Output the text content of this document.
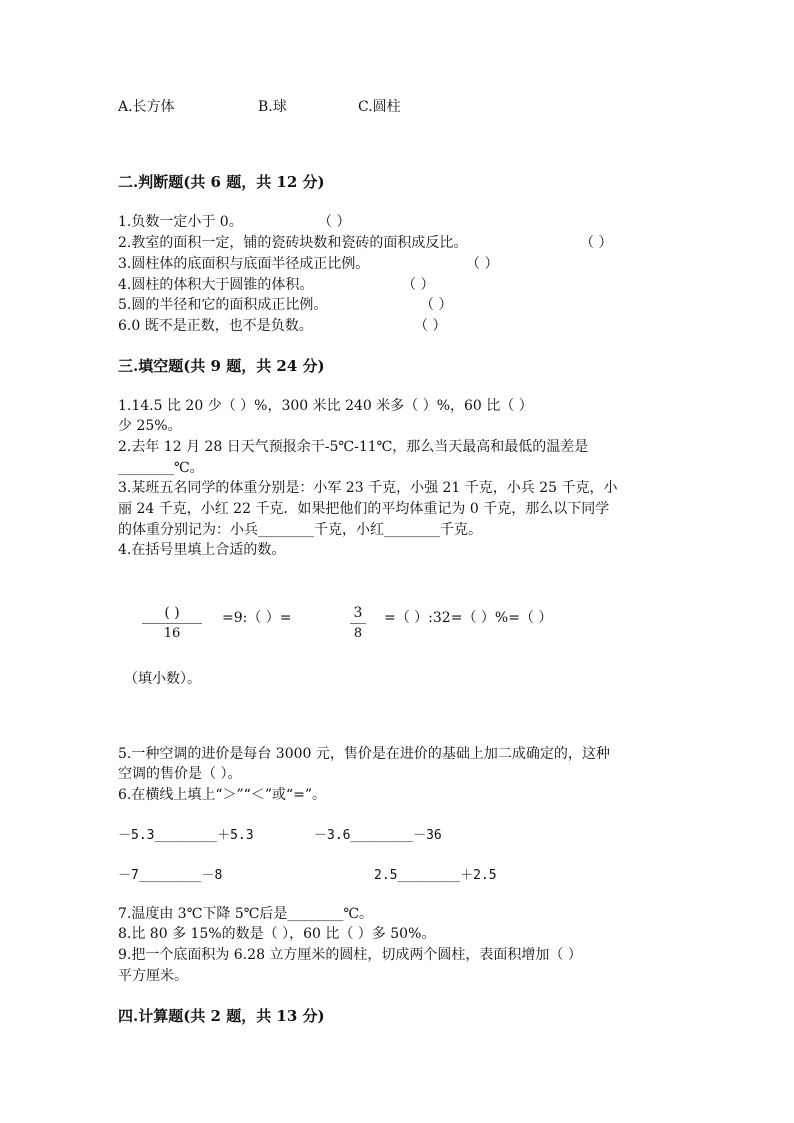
A.长方体	B.球	C.圆柱
二.判断题(共 6 题，共 12 分)
1.负数一定小于 0。	（ ）
2.教室的面积一定，铺的瓷砖块数和瓷砖的面积成反比。	（ ）
3.圆柱体的底面积与底面半径成正比例。	（ ）
4.圆柱的体积大于圆锥的体积。	（ ）
5.圆的半径和它的面积成正比例。	（ ）
6.0 既不是正数，也不是负数。	（ ）
三.填空题(共 9 题，共 24 分)
1.14.5 比 20 少（ ）%，300 米比 240 米多（ ）%，60 比（ ）
少 25%。
2.去年 12 月 28 日天气预报余干-5℃-11℃，那么当天最高和最低的温差是
________℃。
3.某班五名同学的体重分别是：小军 23 千克，小强 21 千克，小兵 25 千克，小
丽 24 千克，小红 22 千克．如果把他们的平均体重记为 0 千克，那么以下同学
的体重分别记为：小兵________千克，小红________千克。
4.在括号里填上合适的数。
( )
16
=9:（ ）=	3
8
=（ ）:32=（ ）%=（ ）
（填小数）。
5.一种空调的进价是每台 3000 元，售价是在进价的基础上加二成确定的，这种
空调的售价是（ ）。
6.在横线上填上“＞”“＜”或“=”。
－5.3________＋5.3	－3.6________－36
－7________－8	2.5________＋2.5
7.温度由 3℃下降 5℃后是________℃。
8.比 80 多 15%的数是（ ），60 比（ ）多 50%。
9.把一个底面积为 6.28 立方厘米的圆柱，切成两个圆柱，表面积增加（ ）
平方厘米。
四.计算题(共 2 题，共 13 分)
